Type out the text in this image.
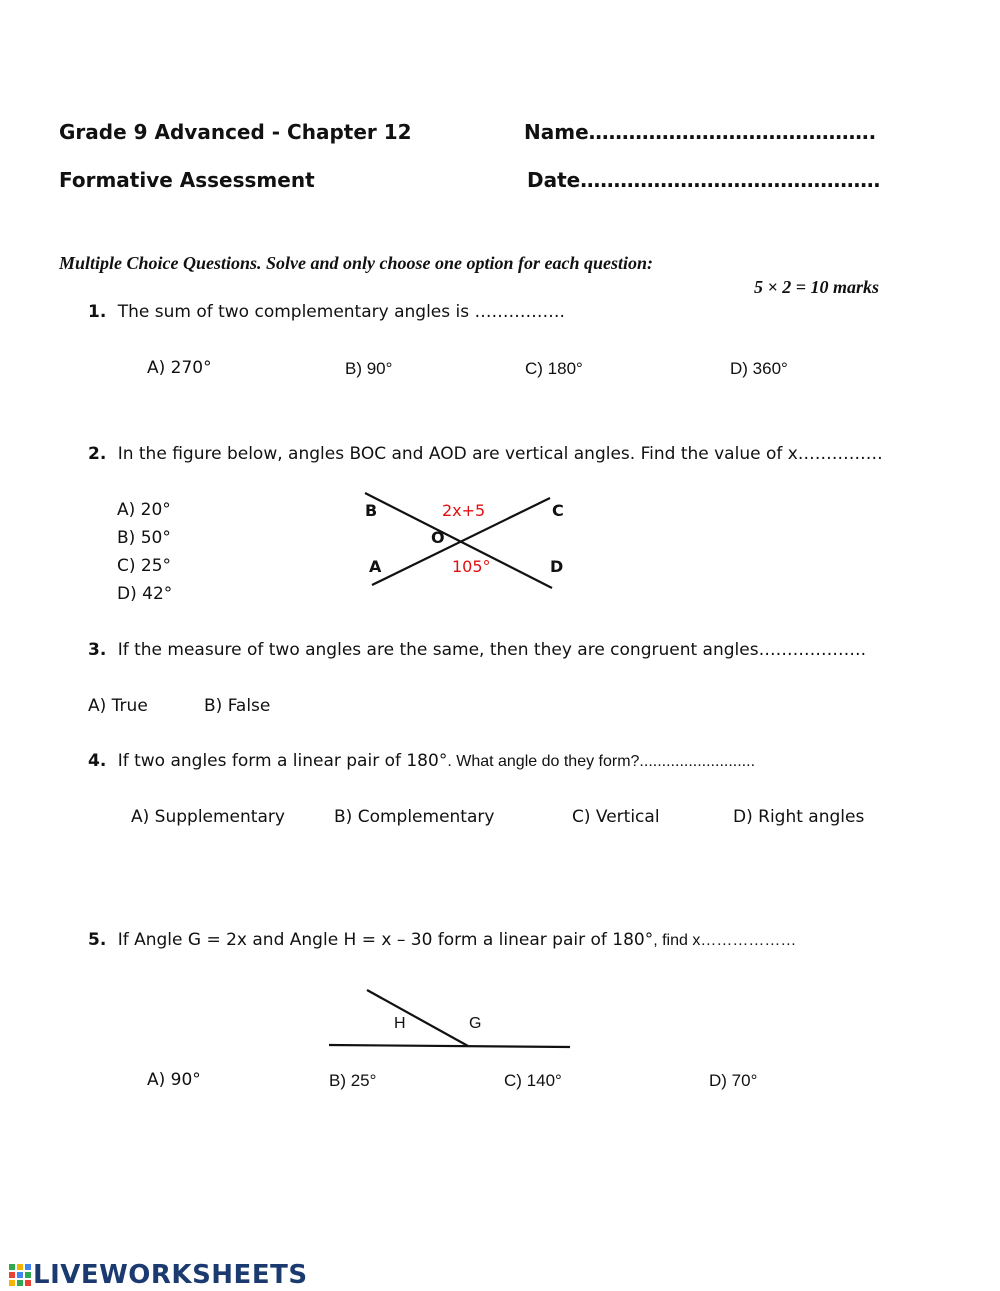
Grade 9 Advanced - Chapter 12	Name…………………………………….
Formative Assessment	Date………………………………………
Multiple Choice Questions. Solve and only choose one option for each question:
5 × 2 = 10 marks
1. The sum of two complementary angles is …………….
A) 270°	B) 90°	C) 180°	D) 360°
2. In the figure below, angles BOC and AOD are vertical angles. Find the value of x……………
A) 20°
B) 50°
C) 25°
D) 42°
B	C
O
A	D
2x+5
105°
3. If the measure of two angles are the same, then they are congruent angles……………….
A) True	B) False
4. If two angles form a linear pair of 180°. What angle do they form?..........................
A) Supplementary	B) Complementary	C) Vertical	D) Right angles
5. If Angle G = 2x and Angle H = x – 30 form a linear pair of 180°, find x………………
H	G
A) 90°	B) 25°	C) 140°	D) 70°
LIVEWORKSHEETS
